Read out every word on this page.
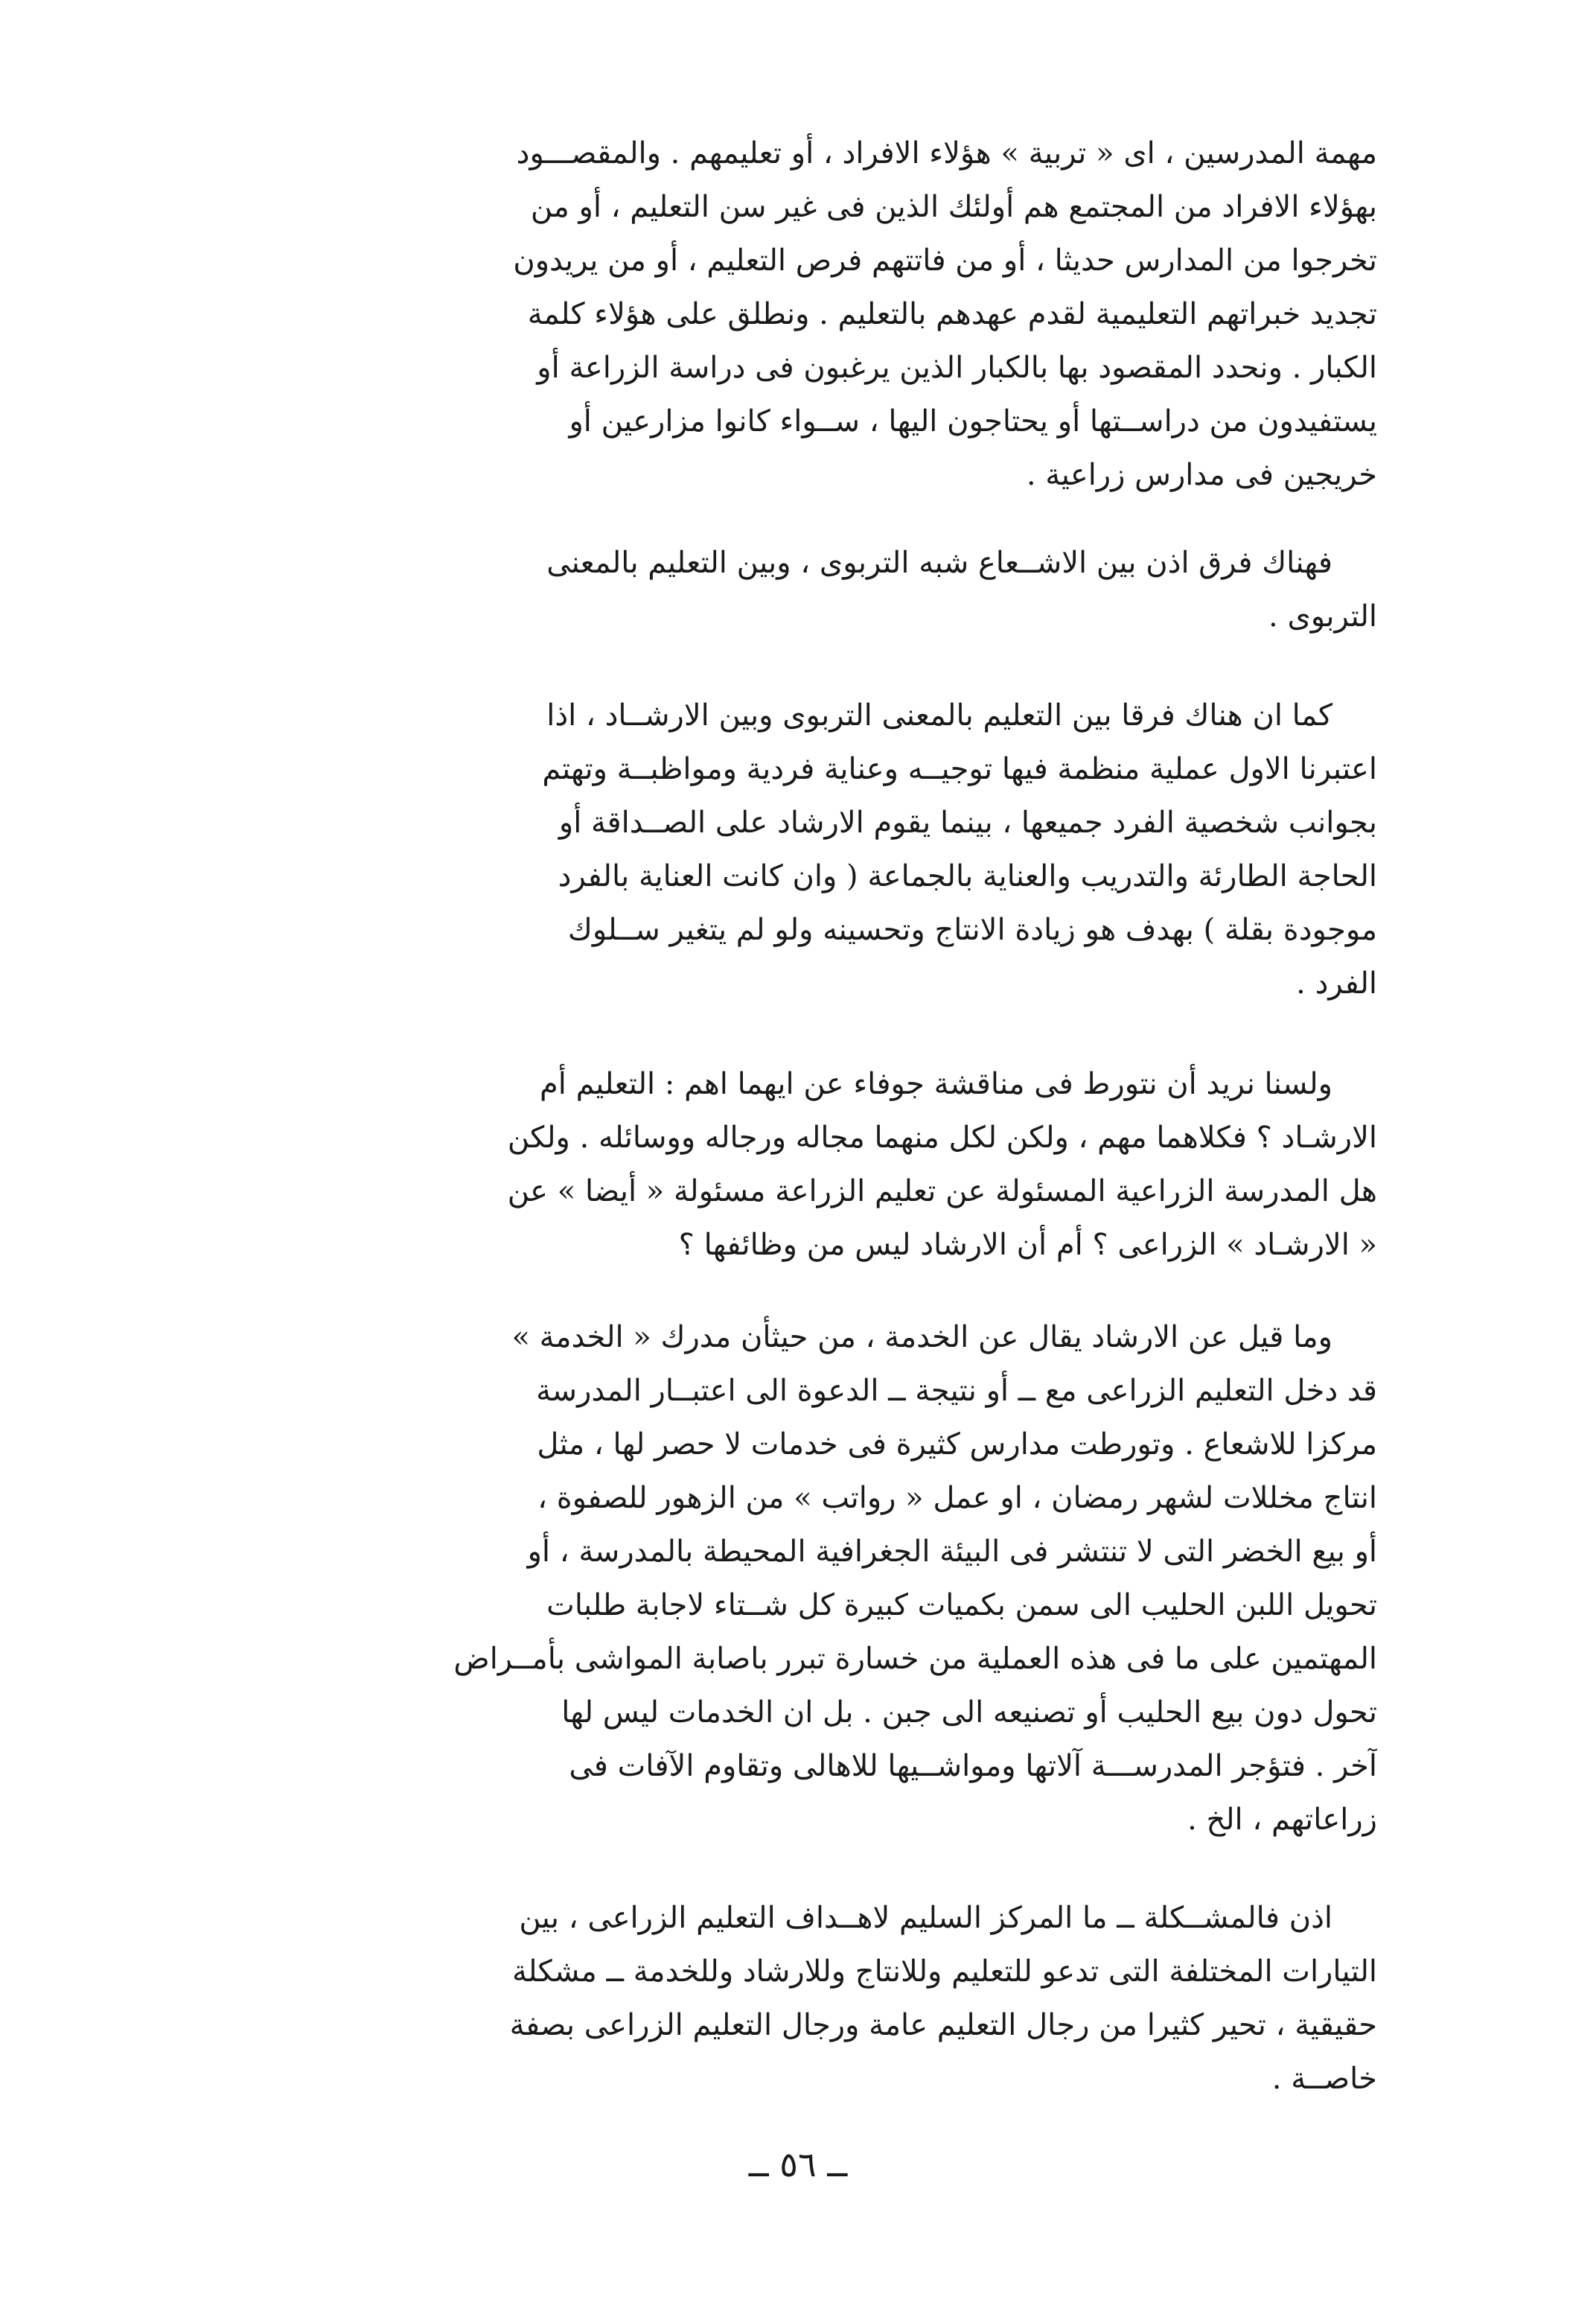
مهمة المدرسين ، اى « تربية » هؤلاء الافراد ، أو تعليمهم . والمقصـــود
بهؤلاء الافراد من المجتمع هم أولئك الذين فى غير سن التعليم ، أو من
تخرجوا من المدارس حديثا ، أو من فاتتهم فرص التعليم ، أو من يريدون
تجديد خبراتهم التعليمية لقدم عهدهم بالتعليم . ونطلق على هؤلاء كلمة
الكبار . ونحدد المقصود بها بالكبار الذين يرغبون فى دراسة الزراعة أو
يستفيدون من دراســتها أو يحتاجون اليها ، ســواء كانوا مزارعين أو
خريجين فى مدارس زراعية .
فهناك فرق اذن بين الاشــعاع شبه التربوى ، وبين التعليم بالمعنى
التربوى .
كما ان هناك فرقا بين التعليم بالمعنى التربوى وبين الارشــاد ، اذا
اعتبرنا الاول عملية منظمة فيها توجيــه وعناية فردية ومواظبــة وتهتم
بجوانب شخصية الفرد جميعها ، بينما يقوم الارشاد على الصــداقة أو
الحاجة الطارئة والتدريب والعناية بالجماعة ( وان كانت العناية بالفرد
موجودة بقلة ) بهدف هو زيادة الانتاج وتحسينه ولو لم يتغير ســلوك
الفرد .
ولسنا نريد أن نتورط فى مناقشة جوفاء عن ايهما اهم : التعليم أم
الارشـاد ؟ فكلاهما مهم ، ولكن لكل منهما مجاله ورجاله ووسائله . ولكن
هل المدرسة الزراعية المسئولة عن تعليم الزراعة مسئولة « أيضا » عن
« الارشـاد » الزراعى ؟ أم أن الارشاد ليس من وظائفها ؟
وما قيل عن الارشاد يقال عن الخدمة ، من حيثأن مدرك « الخدمة »
قد دخل التعليم الزراعى مع ــ أو نتيجة ــ الدعوة الى اعتبــار المدرسة
مركزا للاشعاع . وتورطت مدارس كثيرة فى خدمات لا حصر لها ، مثل
انتاج مخللات لشهر رمضان ، او عمل « رواتب » من الزهور للصفوة ،
أو بيع الخضر التى لا تنتشر فى البيئة الجغرافية المحيطة بالمدرسة ، أو
تحويل اللبن الحليب الى سمن بكميات كبيرة كل شــتاء لاجابة طلبات
المهتمين على ما فى هذه العملية من خسارة تبرر باصابة المواشى بأمــراض
تحول دون بيع الحليب أو تصنيعه الى جبن . بل ان الخدمات ليس لها
آخر . فتؤجر المدرســـة آلاتها ومواشــيها للاهالى وتقاوم الآفات فى
زراعاتهم ، الخ .
اذن فالمشــكلة ــ ما المركز السليم لاهــداف التعليم الزراعى ، بين
التيارات المختلفة التى تدعو للتعليم وللانتاج وللارشاد وللخدمة ــ مشكلة
حقيقية ، تحير كثيرا من رجال التعليم عامة ورجال التعليم الزراعى بصفة
خاصــة .
ــ ٥٦ ــ
